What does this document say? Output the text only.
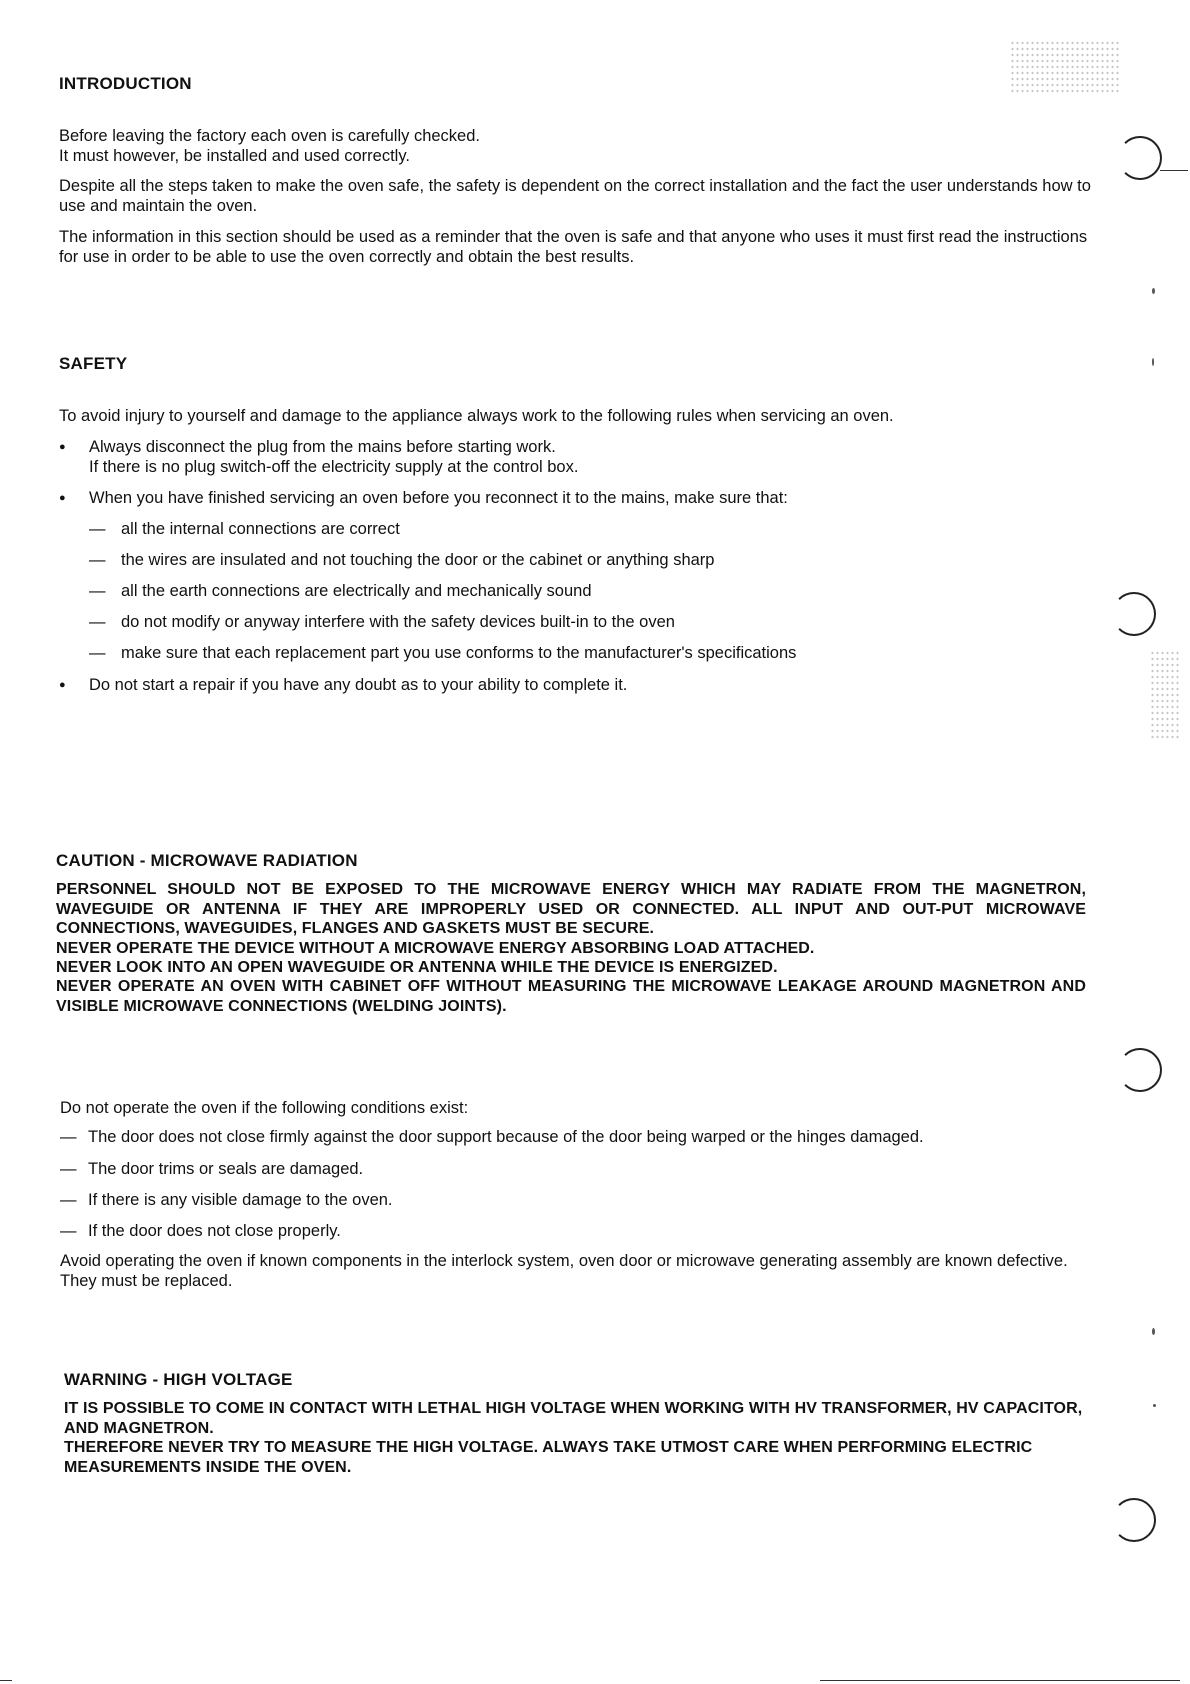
INTRODUCTION

Before leaving the factory each oven is carefully checked.
It must however, be installed and used correctly.

Despite all the steps taken to make the oven safe, the safety is dependent on the correct installation and the fact the user understands how to use and maintain the oven.

The information in this section should be used as a reminder that the oven is safe and that anyone who uses it must first read the instructions for use in order to be able to use the oven correctly and obtain the best results.

SAFETY

To avoid injury to yourself and damage to the appliance always work to the following rules when servicing an oven.

●	Always disconnect the plug from the mains before starting work.
If there is no plug switch-off the electricity supply at the control box.
●	When you have finished servicing an oven before you reconnect it to the mains, make sure that:
— all the internal connections are correct
— the wires are insulated and not touching the door or the cabinet or anything sharp
— all the earth connections are electrically and mechanically sound
— do not modify or anyway interfere with the safety devices built-in to the oven
— make sure that each replacement part you use conforms to the manufacturer's specifications
●	Do not start a repair if you have any doubt as to your ability to complete it.
CAUTION - MICROWAVE RADIATION

PERSONNEL SHOULD NOT BE EXPOSED TO THE MICROWAVE ENERGY WHICH MAY RADIATE FROM THE MAGNETRON, WAVEGUIDE OR ANTENNA IF THEY ARE IMPROPERLY USED OR CONNECTED. ALL INPUT AND OUT-PUT MICROWAVE CONNECTIONS, WAVEGUIDES, FLANGES AND GASKETS MUST BE SECURE.

NEVER OPERATE THE DEVICE WITHOUT A MICROWAVE ENERGY ABSORBING LOAD ATTACHED.

NEVER LOOK INTO AN OPEN WAVEGUIDE OR ANTENNA WHILE THE DEVICE IS ENERGIZED.

NEVER OPERATE AN OVEN WITH CABINET OFF WITHOUT MEASURING THE MICROWAVE LEAKAGE AROUND MAGNETRON AND VISIBLE MICROWAVE CONNECTIONS (WELDING JOINTS).

Do not operate the oven if the following conditions exist:

— The door does not close firmly against the door support because of the door being warped or the hinges damaged.
— The door trims or seals are damaged.
— If there is any visible damage to the oven.
— If the door does not close properly.

Avoid operating the oven if known components in the interlock system, oven door or microwave generating assembly are known defective. They must be replaced.

WARNING - HIGH VOLTAGE

IT IS POSSIBLE TO COME IN CONTACT WITH LETHAL HIGH VOLTAGE WHEN WORKING WITH HV TRANSFORMER, HV CAPACITOR, AND MAGNETRON.

THEREFORE NEVER TRY TO MEASURE THE HIGH VOLTAGE. ALWAYS TAKE UTMOST CARE WHEN PERFORMING ELECTRIC MEASUREMENTS INSIDE THE OVEN.
